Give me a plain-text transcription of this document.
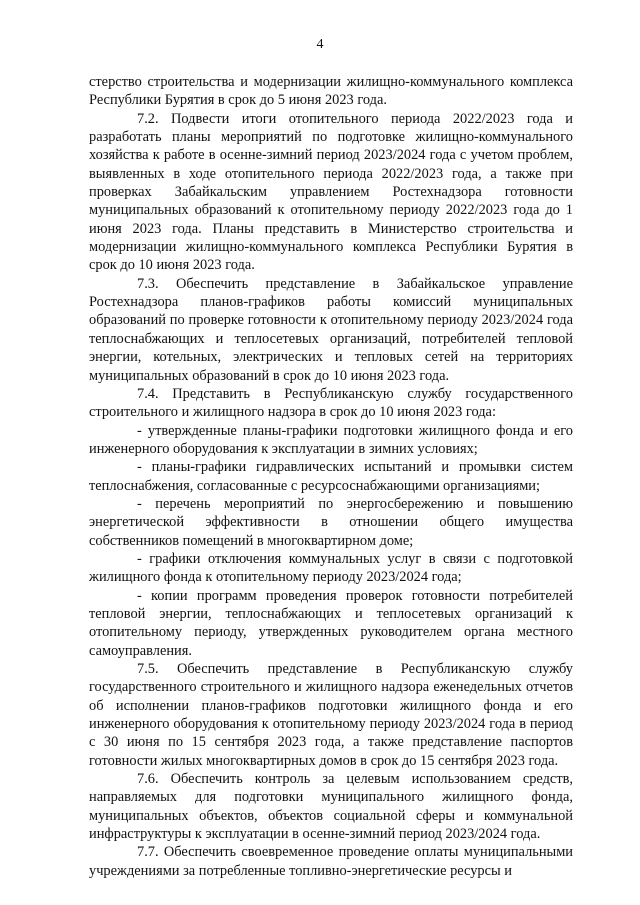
4

стерство строительства и модернизации жилищно-коммунального комплекса Республики Бурятия в срок до 5 июня 2023 года.

7.2. Подвести итоги отопительного периода 2022/2023 года и разработать планы мероприятий по подготовке жилищно-коммунального хозяйства к работе в осенне-зимний период 2023/2024 года с учетом проблем, выявленных в ходе отопительного периода 2022/2023 года, а также при проверках Забайкальским управлением Ростехнадзора готовности муниципальных образований к отопительному периоду 2022/2023 года до 1 июня 2023 года. Планы представить в Министерство строительства и модернизации жилищно-коммунального комплекса Республики Бурятия в срок до 10 июня 2023 года.

7.3. Обеспечить представление в Забайкальское управление Ростехнадзора планов-графиков работы комиссий муниципальных образований по проверке готовности к отопительному периоду 2023/2024 года теплоснабжающих и теплосетевых организаций, потребителей тепловой энергии, котельных, электрических и тепловых сетей на территориях муниципальных образований в срок до 10 июня 2023 года.

7.4. Представить в Республиканскую службу государственного строительного и жилищного надзора в срок до 10 июня 2023 года:

- утвержденные планы-графики подготовки жилищного фонда и его инженерного оборудования к эксплуатации в зимних условиях;

- планы-графики гидравлических испытаний и промывки систем теплоснабжения, согласованные с ресурсоснабжающими организациями;

- перечень мероприятий по энергосбережению и повышению энергетической эффективности в отношении общего имущества собственников помещений в многоквартирном доме;

- графики отключения коммунальных услуг в связи с подготовкой жилищного фонда к отопительному периоду 2023/2024 года;

- копии программ проведения проверок готовности потребителей тепловой энергии, теплоснабжающих и теплосетевых организаций к отопительному периоду, утвержденных руководителем органа местного самоуправления.

7.5. Обеспечить представление в Республиканскую службу государственного строительного и жилищного надзора еженедельных отчетов об исполнении планов-графиков подготовки жилищного фонда и его инженерного оборудования к отопительному периоду 2023/2024 года в период с 30 июня по 15 сентября 2023 года, а также представление паспортов готовности жилых многоквартирных домов в срок до 15 сентября 2023 года.

7.6. Обеспечить контроль за целевым использованием средств, направляемых для подготовки муниципального жилищного фонда, муниципальных объектов, объектов социальной сферы и коммунальной инфраструктуры к эксплуатации в осенне-зимний период 2023/2024 года.

7.7. Обеспечить своевременное проведение оплаты муниципальными учреждениями за потребленные топливно-энергетические ресурсы и
